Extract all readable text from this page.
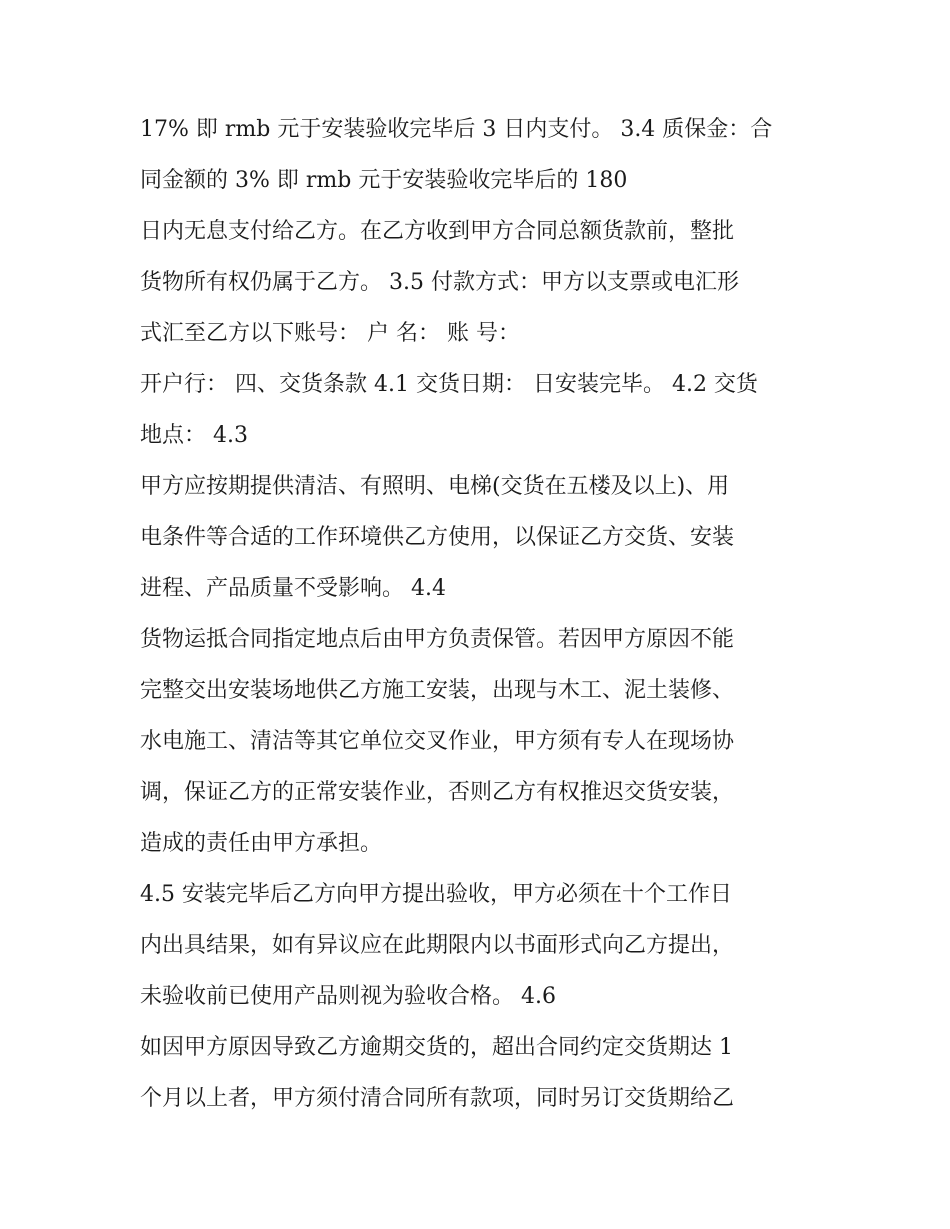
17% 即 rmb 元于安装验收完毕后 3 日内支付。 3.4 质保金：合
同金额的 3% 即 rmb 元于安装验收完毕后的 180
日内无息支付给乙方。在乙方收到甲方合同总额货款前，整批
货物所有权仍属于乙方。 3.5 付款方式：甲方以支票或电汇形
式汇至乙方以下账号： 户 名： 账 号：
开户行： 四、交货条款 4.1 交货日期： 日安装完毕。 4.2 交货
地点： 4.3
甲方应按期提供清洁、有照明、电梯(交货在五楼及以上)、用
电条件等合适的工作环境供乙方使用，以保证乙方交货、安装
进程、产品质量不受影响。 4.4
货物运抵合同指定地点后由甲方负责保管。若因甲方原因不能
完整交出安装场地供乙方施工安装，出现与木工、泥土装修、
水电施工、清洁等其它单位交叉作业，甲方须有专人在现场协
调，保证乙方的正常安装作业，否则乙方有权推迟交货安装，
造成的责任由甲方承担。
4.5 安装完毕后乙方向甲方提出验收，甲方必须在十个工作日
内出具结果，如有异议应在此期限内以书面形式向乙方提出，
未验收前已使用产品则视为验收合格。 4.6
如因甲方原因导致乙方逾期交货的，超出合同约定交货期达 1
个月以上者，甲方须付清合同所有款项，同时另订交货期给乙
